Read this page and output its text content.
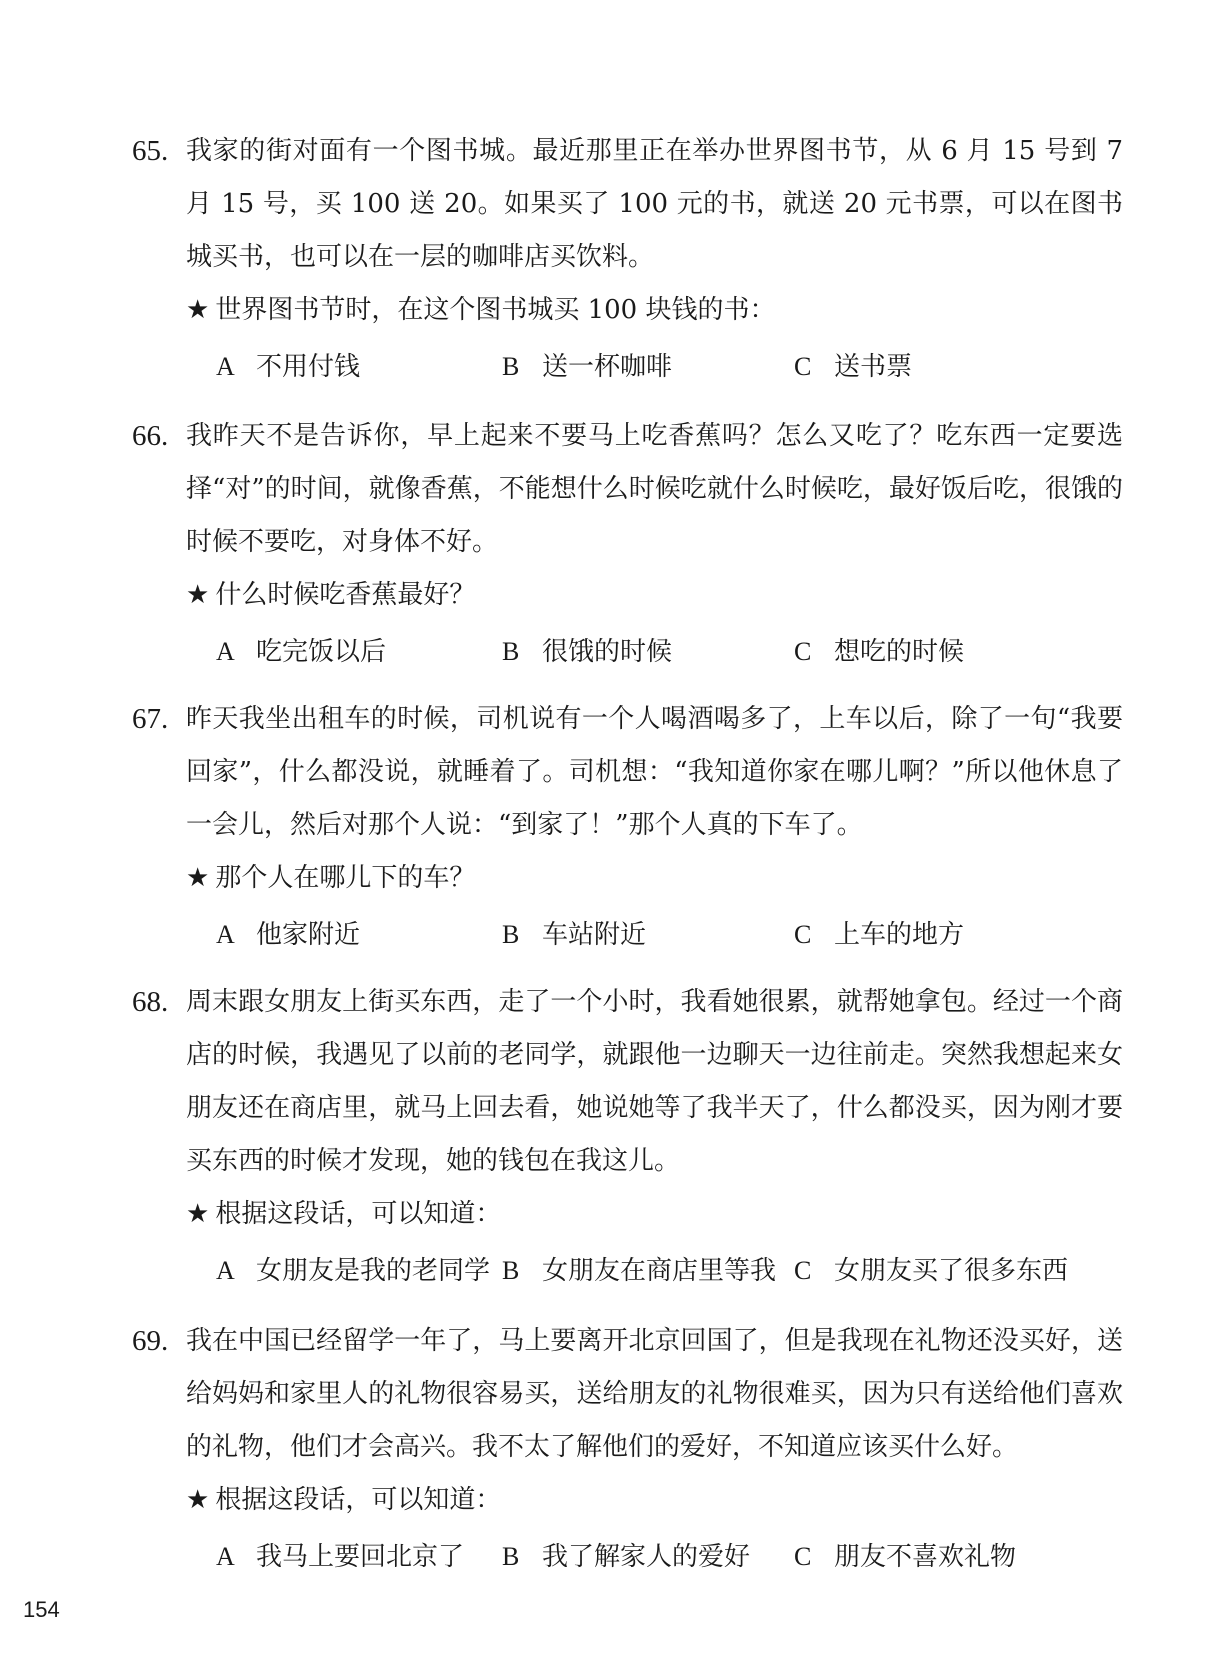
65. 我家的街对面有一个图书城。最近那里正在举办世界图书节，从 6 月 15 号到 7 月 15 号，买 100 送 20。如果买了 100 元的书，就送 20 元书票，可以在图书城买书，也可以在一层的咖啡店买饮料。
★ 世界图书节时，在这个图书城买 100 块钱的书：
A 不用付钱	B 送一杯咖啡	C 送书票
66. 我昨天不是告诉你，早上起来不要马上吃香蕉吗？怎么又吃了？吃东西一定要选择“对”的时间，就像香蕉，不能想什么时候吃就什么时候吃，最好饭后吃，很饿的时候不要吃，对身体不好。
★ 什么时候吃香蕉最好？
A 吃完饭以后	B 很饿的时候	C 想吃的时候
67. 昨天我坐出租车的时候，司机说有一个人喝酒喝多了，上车以后，除了一句“我要回家”，什么都没说，就睡着了。司机想：“我知道你家在哪儿啊？”所以他休息了一会儿，然后对那个人说：“到家了！”那个人真的下车了。
★ 那个人在哪儿下的车？
A 他家附近	B 车站附近	C 上车的地方
68. 周末跟女朋友上街买东西，走了一个小时，我看她很累，就帮她拿包。经过一个商店的时候，我遇见了以前的老同学，就跟他一边聊天一边往前走。突然我想起来女朋友还在商店里，就马上回去看，她说她等了我半天了，什么都没买，因为刚才要买东西的时候才发现，她的钱包在我这儿。
★ 根据这段话，可以知道：
A 女朋友是我的老同学 B 女朋友在商店里等我 C 女朋友买了很多东西
69. 我在中国已经留学一年了，马上要离开北京回国了，但是我现在礼物还没买好，送给妈妈和家里人的礼物很容易买，送给朋友的礼物很难买，因为只有送给他们喜欢的礼物，他们才会高兴。我不太了解他们的爱好，不知道应该买什么好。
★ 根据这段话，可以知道：
A 我马上要回北京了 B 我了解家人的爱好 C 朋友不喜欢礼物
154
